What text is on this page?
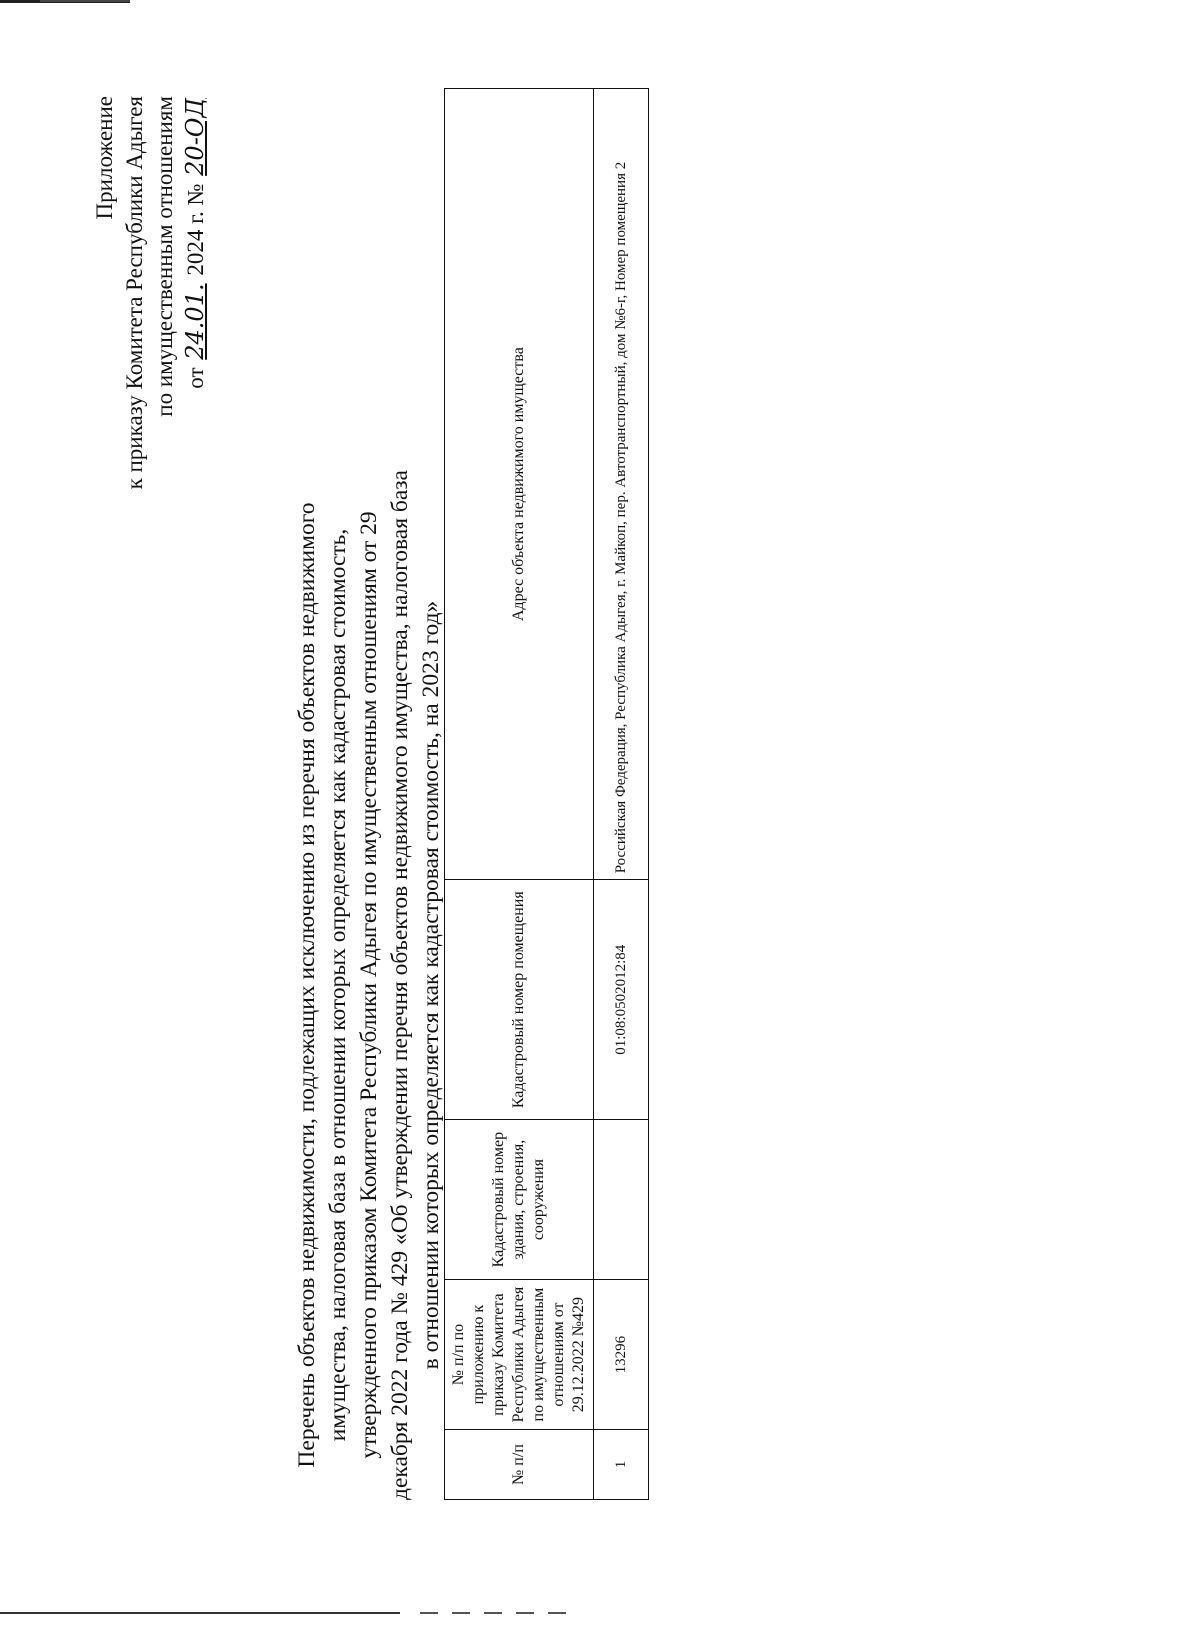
Приложение к приказу Комитета Республики Адыгея по имущественным отношениям от 24.01. 2024 г. № 20-ОД
Перечень объектов недвижимости, подлежащих исключению из перечня объектов недвижимого имущества, налоговая база в отношении которых определяется как кадастровая стоимость, утвержденного приказом Комитета Республики Адыгея по имущественным отношениям от 29 декабря 2022 года № 429 «Об утверждении перечня объектов недвижимого имущества, налоговая база в отношении которых определяется как кадастровая стоимость, на 2023 год»
№ п/п	№ п/п по приложению к приказу Комитета Республики Адыгея по имущественным отношениям от 29.12.2022 №429	Кадастровый номер здания, строения, сооружения	Кадастровый номер помещения	Адрес объекта недвижимого имущества
1	13296		01:08:0502012:84	Российская Федерация, Республика Адыгея, г. Майкоп, пер. Автотранспортный, дом №6-г, Номер помещения 2
